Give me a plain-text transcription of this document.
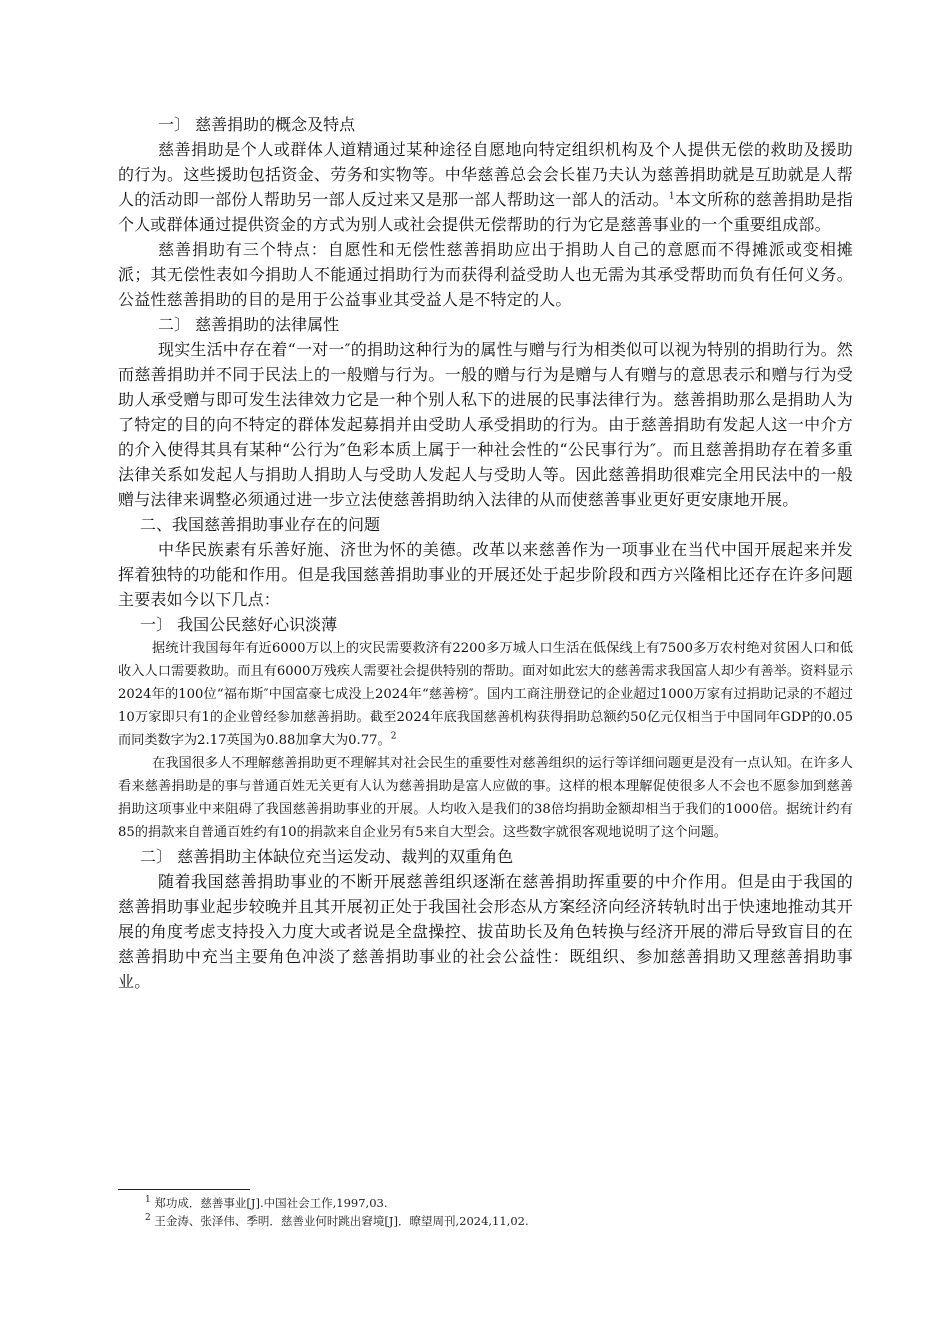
一〕 慈善捐助的概念及特点

慈善捐助是个人或群体人道精通过某种途径自愿地向特定组织机构及个人提供无偿的救助及援助的行为。这些援助包括资金、劳务和实物等。中华慈善总会会长崔乃夫认为慈善捐助就是互助就是人帮人的活动即一部份人帮助另一部人反过来又是那一部人帮助这一部人的活动。$^1$本文所称的慈善捐助是指个人或群体通过提供资金的方式为别人或社会提供无偿帮助的行为它是慈善事业的一个重要组成部。

慈善捐助有三个特点：自愿性和无偿性慈善捐助应出于捐助人自己的意愿而不得摊派或变相摊派；其无偿性表如今捐助人不能通过捐助行为而获得利益受助人也无需为其承受帮助而负有任何义务。公益性慈善捐助的目的是用于公益事业其受益人是不特定的人。

二〕 慈善捐助的法律属性

现实生活中存在着“一对一″的捐助这种行为的属性与赠与行为相类似可以视为特别的捐助行为。然而慈善捐助并不同于民法上的一般赠与行为。一般的赠与行为是赠与人有赠与的意思表示和赠与行为受助人承受赠与即可发生法律效力它是一种个别人私下的进展的民事法律行为。慈善捐助那么是捐助人为了特定的目的向不特定的群体发起募捐并由受助人承受捐助的行为。由于慈善捐助有发起人这一中介方的介入使得其具有某种“公行为″色彩本质上属于一种社会性的“公民事行为″。而且慈善捐助存在着多重法律关系如发起人与捐助人捐助人与受助人发起人与受助人等。因此慈善捐助很难完全用民法中的一般赠与法律来调整必须通过进一步立法使慈善捐助纳入法律的从而使慈善事业更好更安康地开展。

二、我国慈善捐助事业存在的问题

中华民族素有乐善好施、济世为怀的美德。改革以来慈善作为一项事业在当代中国开展起来并发挥着独特的功能和作用。但是我国慈善捐助事业的开展还处于起步阶段和西方兴隆相比还存在许多问题主要表如今以下几点：

一〕 我国公民慈好心识淡薄

据统计我国每年有近6000万以上的灾民需要救济有2200多万城人口生活在低保线上有7500多万农村绝对贫困人口和低收入人口需要救助。而且有6000万残疾人需要社会提供特别的帮助。面对如此宏大的慈善需求我国富人却少有善举。资料显示2024年的100位“福布斯″中国富豪七成没上2024年“慈善榜″。国内工商注册登记的企业超过1000万家有过捐助记录的不超过10万家即只有1的企业曾经参加慈善捐助。截至2024年底我国慈善机构获得捐助总额约50亿元仅相当于中国同年GDP的0.05而同类数字为2.17英国为0.88加拿大为0.77。$^2$

在我国很多人不理解慈善捐助更不理解其对社会民生的重要性对慈善组织的运行等详细问题更是没有一点认知。在许多人看来慈善捐助是的事与普通百姓无关更有人认为慈善捐助是富人应做的事。这样的根本理解促使很多人不会也不愿参加到慈善捐助这项事业中来阻碍了我国慈善捐助事业的开展。人均收入是我们的38倍均捐助金额却相当于我们的1000倍。据统计约有85的捐款来自普通百姓约有10的捐款来自企业另有5来自大型会。这些数字就很客观地说明了这个问题。

二〕 慈善捐助主体缺位充当运发动、裁判的双重角色

随着我国慈善捐助事业的不断开展慈善组织逐渐在慈善捐助挥重要的中介作用。但是由于我国的慈善捐助事业起步较晚并且其开展初正处于我国社会形态从方案经济向经济转轨时出于快速地推动其开展的角度考虑支持投入力度大或者说是全盘操控、拔苗助长及角色转换与经济开展的滞后导致盲目的在慈善捐助中充当主要角色冲淡了慈善捐助事业的社会公益性：既组织、参加慈善捐助又理慈善捐助事业。

$^1$ 郑功成．慈善事业[J].中国社会工作,1997,03.
$^2$ 王金涛、张泽伟、季明．慈善业何时跳出窘境[J]．暸望周刊,2024,11,02.
